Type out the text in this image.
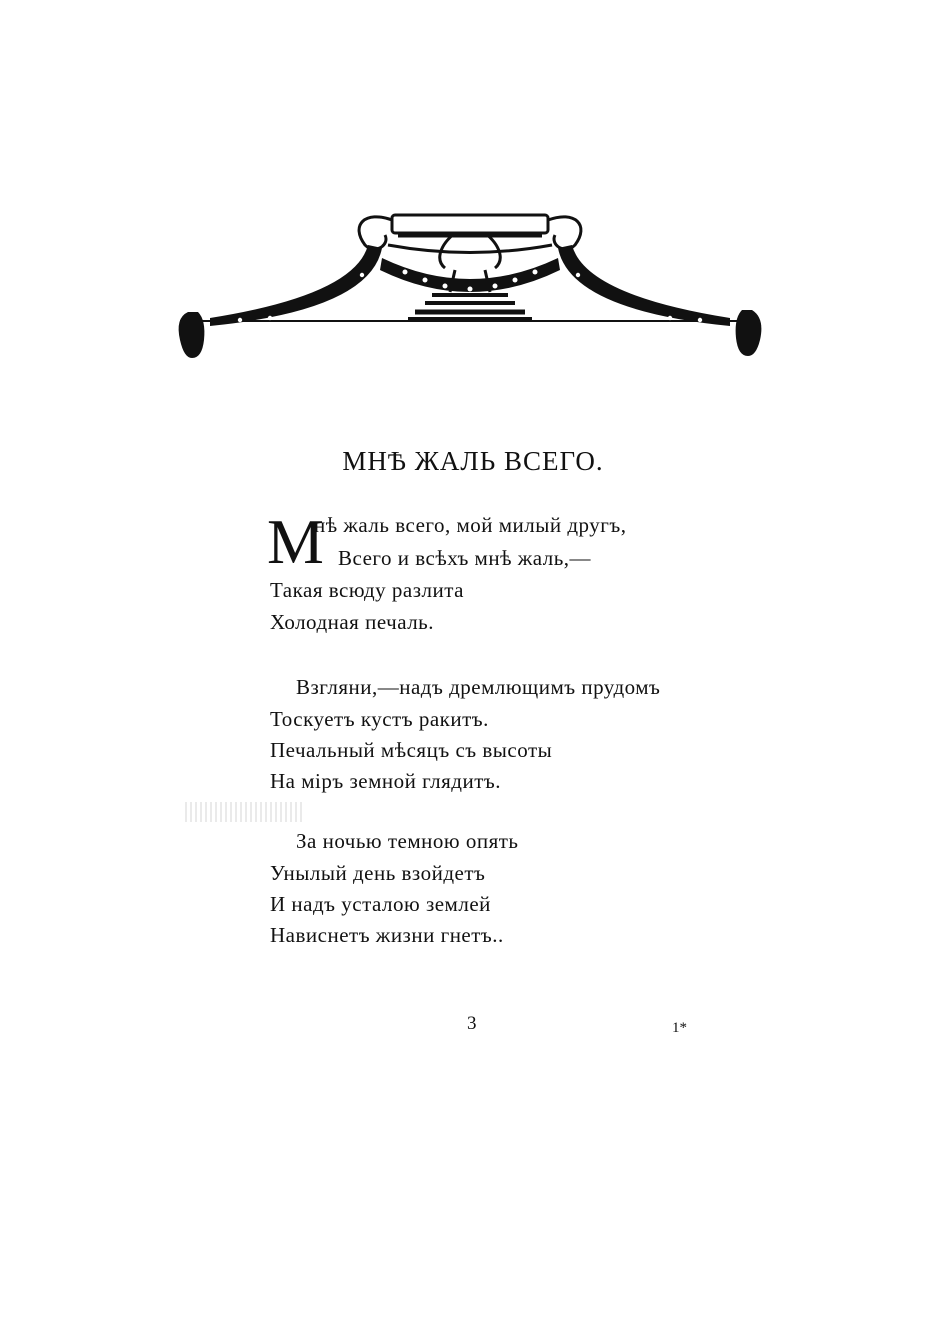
МНѢ ЖАЛЬ ВСЕГО.
М
нѣ жаль всего, мой милый другъ,
Всего и всѣхъ мнѣ жаль,—
Такая всюду разлита
Холодная печаль.
Взгляни,—надъ дремлющимъ прудомъ
Тоскуетъ кустъ ракитъ.
Печальный мѣсяцъ съ высоты
На міръ земной глядитъ.
За ночью темною опять
Унылый день взойдетъ
И надъ усталою землей
Нависнетъ жизни гнетъ..
3	1*
